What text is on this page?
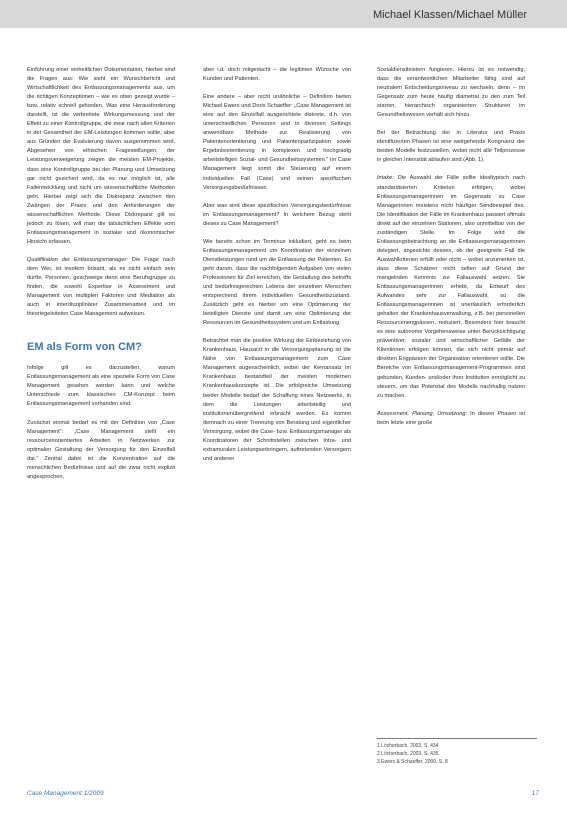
Michael Klassen/Michael Müller

Einführung einer einheitlichen Dokumentation, hierbei sind die Fragen aus: Wie sieht ein Wunschbericht und Wirtschaftlichkeit des Entlassungsmanagements aus, um die richtigen Konzeptionen – wie es oben gezeigt wurde – bzw. relativ schnell gefunden. Was eine Herausforderung darstellt, ist die verbreitete Wirkungsmessung und der Effekt zu einer Kontrollgruppe, die zwar nach allen Kriterien in der Gesamtheit der EM-Leistungen kommen sollte, aber aus Gründen der Evaluierung davon ausgenommen wird. Abgesehen von ethischen Fragestellungen, der Leistungsverweigerung zeigen die meisten EM-Projekte, dass eine Kontrollgruppe bei der Planung und Umsetzung gar nicht gesichert wird, da es nur möglich ist, alle Fallentwicklung und nicht um wissenschaftliche Methoden geht. Hierbei zeigt sich die Diskrepanz zwischen den Zwängen der Praxis und den Anforderungen der wissenschaftlichen Methode. Diese Diskrepanz gilt es jedoch zu lösen, will man die tatsächlichen Effekte vom Entlassungsmanagement in sozialer und ökonomischer Hinsicht erfassen.

Qualifikation der Entlassungsmanager: Die Frage nach dem Wer, ist insofern brisant, als es nicht einfach sein dürfte, Personen, geschweige denn eine Berufsgruppe zu finden, die sowohl Expertise in Assessment und Management von multiplen Faktoren und Mediation als auch in interdisziplinärer Zusammenarbeit und im theoriegeleiteten Case Management aufweisen.

EM als Form von CM?

Infolge gilt es darzustellen, warum Entlassungsmanagement als eine spezielle Form von Case Management gesehen werden kann und welche Unterschiede zum klassischen CM-Konzept beim Entlassungsmanagement vorhanden sind.

Zunächst einmal bedarf es mit der Definition von „Case Management“: „Case Management stellt ein ressourcenorientiertes Arbeiten in Netzwerken zur optimalen Gestaltung der Versorgung für den Einzelfall dar.“ Zentral dabei ist die Konzentration auf die menschlichen Bedürfnisse und auf die zwar nicht explizit angesprochen,

aber i.d. doch mitgedacht – die legitimen Wünsche von Kunden und Patienten.

Eine andere – aber nicht unähnliche – Definition bieten Michael Ewers und Doris Schaeffer: „Case Management ist eine auf den Einzelfall ausgerichtete diskrete, d.h. von unterschiedlichen Personen und in diversen Settings anwendbare Methode zur Realisierung von Patientenorientierung und Patientenpartizipation sowie Ergebnisorientierung in komplexen und hochgradig arbeitsteiligen Sozial- und Gesundheitssystemen.“ Im Case Management liegt somit die Steuerung auf einem individuellen Fall (Case) und seinen spezifischen Versorgungsbedürfnissen.

Aber was sind diese spezifischen Versorgungsbedürfnisse im Entlassungsmanagement? In welchem Bezug steht dieses zu Case Management?

Wie bereits schon im Terminus inkludiert, geht es beim Entlassungsmanagement um Koordination der einzelnen Dienstleistungen rund um die Entlassung der Patienten. Es geht darum, dass die nachfolgenden Aufgaben von vielen Professionen für Ziel erreichen, die Gestaltung des betreffs und bedürfnisgerechten Lebens der einzelnen Menschen entsprechend ihrem individuellen Gesundheitszustand. Zusätzlich geht es hierbei um eine Optimierung der beteiligten Dienste und damit um eine Optimierung der Ressourcen im Gesundheitssystem und um Entlastung.

Betrachtet man die positive Wirkung der Einbeziehung von Krankenhaus, Hausarzt in die Versorgungsplanung ist die Nähe von Entlassungsmanagement zum Case Management augenscheinlich, wobei der Kernansatz im Krankenhaus bestandteil der meisten modernen Krankenhauskonzepte ist. Die erfolgreiche Umsetzung beider Modelle bedarf der Schaffung eines Netzwerks, in dem die Leistungen arbeitsteilig und institutionenübergreifend erbracht werden. Es kommt demnach zu einer Trennung von Beratung und eigentlicher Versorgung, wobei die Case- bzw. Entlassungsmanager als Koordinatoren der Schnittstellen zwischen Intra- und extramuralen Leistungserbringern, auftretenden Versorgern und anderen

Sozialdienstleistern fungieren. Hierzu ist es notwendig, dass die verantwortlichen Mitarbeiter fähig sind auf neutralem Entscheidungsniveau zu wechseln, denn – im Gegensatz zum heute häufig diametral zu den zum Teil starren, hierarchisch organisierten Strukturen im Gesundheitswesen verhält sich hinzu.

Bei der Betrachtung der in Literatur und Praxis identifizierten Phasen ist eine weitgehende Kongruenz der beiden Modelle festzustellen, wobei nicht alle Teilprozesse in gleicher Intensität ablaufen sind (Abb. 1).

Intake: Die Auswahl der Fälle sollte idealtypisch nach standardisierten Kriterien erfolgen, wobei Entlassungsmanagerinnen im Gegensatz zu Case Managerinnen meistens nicht häufiger Sendbeispiel des. Die Identifikation der Fälle im Krankenhaus passiert oftmals direkt auf der einzelnen Stationen, also unmittelbar von der zuständigen Stelle. Im Folge wird die Entlassungsbetrachtung an die Entlassungsmanagerinnen delegiert, angesichts dessen, ob der geeignete Fall die Auswahlkriterien erfüllt oder nicht – wobei anzumerken ist, dass diese Schätzen nicht selten auf Grund der mangelnden Kenntnis zur Fallauswahl setzen. Sie Entlassungsmanagerinnen erhebt, da Entwurf des Aufwandes sehr zur Fallauswahl, so die Entlassungsmanagerinnen ist unerlässlich erforderlich gehalten der Krankenhausverwaltung, z.B. bei personellen Ressourcenengpässen, reduziert. Besonders hier braucht es eine autonome Vorgehensweise unter Berücksichtigung präventiver, sozialer und wirtschaftlicher Gefälle der Klientinnen erfolgen können, die sich nicht primär auf direkten Engpässen der Organisation orientieren sollte. Die Bereiche von Entlassungsmanagement-Programmen sind gebunden, Kunden- und/oder ihrer Institution ermöglicht zu steuern, um das Potenzial des Modells nachhaltig nutzen zu machen.

Assessment, Planung, Umsetzung: In diesen Phasen ist beim letzte eine große

1 Löcherbach, 2003, S. 434
2 Löcherbach, 2003, S. 435
3 Ewers & Schaeffer, 2000, S. 8
Case Management 1/2009	17
